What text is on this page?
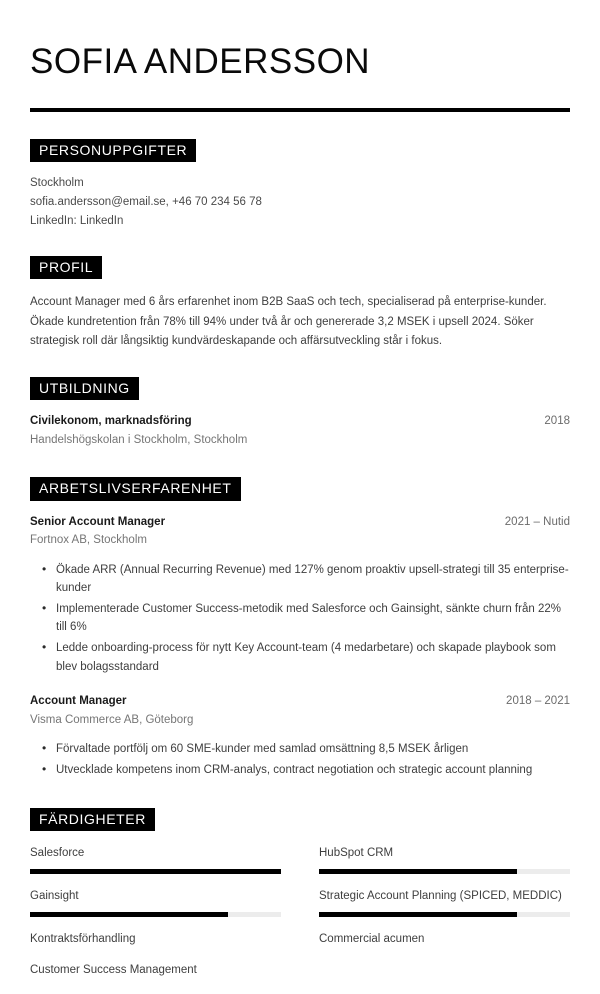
SOFIA ANDERSSON
PERSONUPPGIFTER
Stockholm
sofia.andersson@email.se, +46 70 234 56 78
LinkedIn: LinkedIn
PROFIL

Account Manager med 6 års erfarenhet inom B2B SaaS och tech, specialiserad på enterprise-kunder. Ökade kundretention från 78% till 94% under två år och genererade 3,2 MSEK i upsell 2024. Söker strategisk roll där långsiktig kundvärdeskapande och affärsutveckling står i fokus.

UTBILDNING
Civilekonom, marknadsföring	2018
Handelshögskolan i Stockholm, Stockholm
ARBETSLIVSERFARENHET
Senior Account Manager	2021 – Nutid
Fortnox AB, Stockholm
• Ökade ARR (Annual Recurring Revenue) med 127% genom proaktiv upsell-strategi till 35 enterprise-kunder
• Implementerade Customer Success-metodik med Salesforce och Gainsight, sänkte churn från 22% till 6%
• Ledde onboarding-process för nytt Key Account-team (4 medarbetare) och skapade playbook som blev bolagsstandard
Account Manager	2018 – 2021
Visma Commerce AB, Göteborg
• Förvaltade portfölj om 60 SME-kunder med samlad omsättning 8,5 MSEK årligen
• Utvecklade kompetens inom CRM-analys, contract negotiation och strategic account planning
FÄRDIGHETER
Salesforce	HubSpot CRM
Gainsight	Strategic Account Planning (SPICED, MEDDIC)
Kontraktsförhandling	Commercial acumen
Customer Success Management
